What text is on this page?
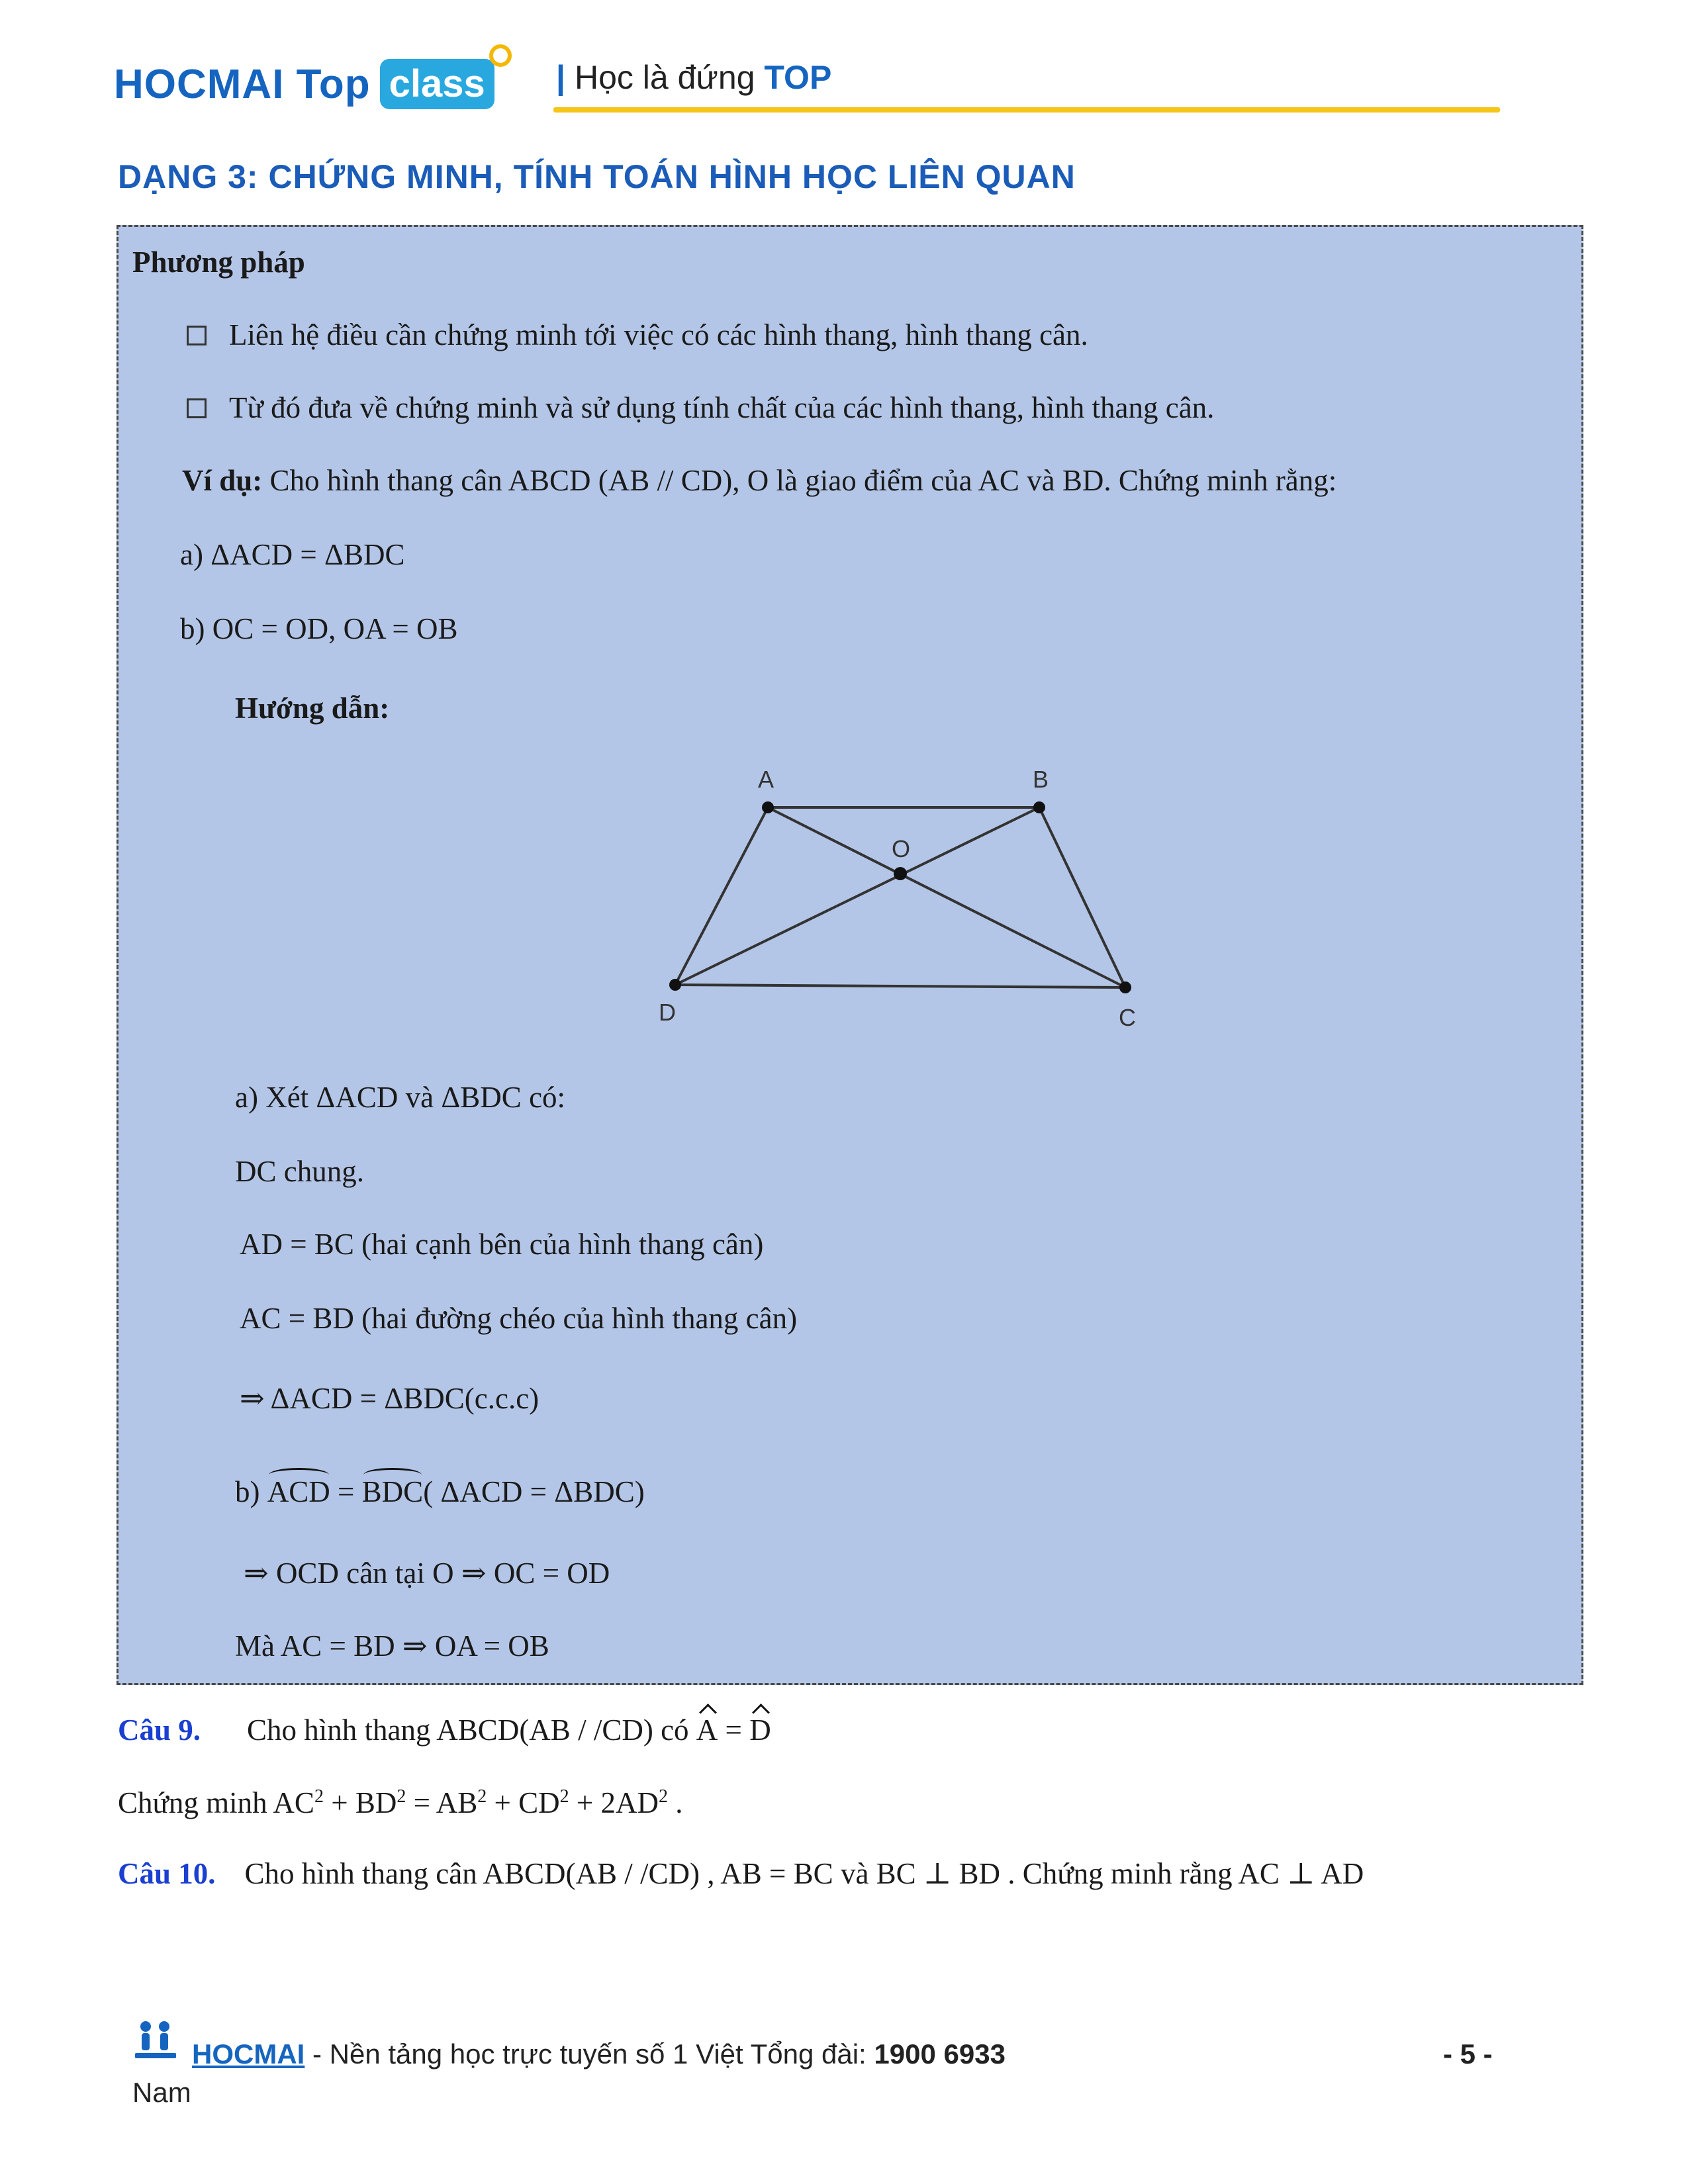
HOCMAI Top class | Học là đứng TOP
DẠNG 3: CHỨNG MINH, TÍNH TOÁN HÌNH HỌC LIÊN QUAN
Phương pháp
Liên hệ điều cần chứng minh tới việc có các hình thang, hình thang cân.
Từ đó đưa về chứng minh và sử dụng tính chất của các hình thang, hình thang cân.
Ví dụ: Cho hình thang cân ABCD (AB // CD), O là giao điểm của AC và BD. Chứng minh rằng:
a) ΔACD = ΔBDC
b) OC = OD, OA = OB
Hướng dẫn:
A	B
C
D
O
a) Xét ΔACD và ΔBDC có:
DC chung.
AD = BC (hai cạnh bên của hình thang cân)
AC = BD (hai đường chéo của hình thang cân)
⇒ ΔACD = ΔBDC(c.c.c)
b) ACD = BDC( ΔACD = ΔBDC)
⇒ OCD cân tại O ⇒ OC = OD
Mà AC = BD ⇒ OA = OB
Câu 9. Cho hình thang ABCD(AB / /CD) có A = D
Chứng minh $AC^2 + BD^2 = AB^2 + CD^2 + 2AD^2$ .
Câu 10. Cho hình thang cân ABCD(AB / /CD) , AB = BC và BC ⊥ BD . Chứng minh rằng AC ⊥ AD
HOCMAI - Nền tảng học trực tuyến số 1 Việt Tổng đài: 1900 6933
Nam
- 5 -
